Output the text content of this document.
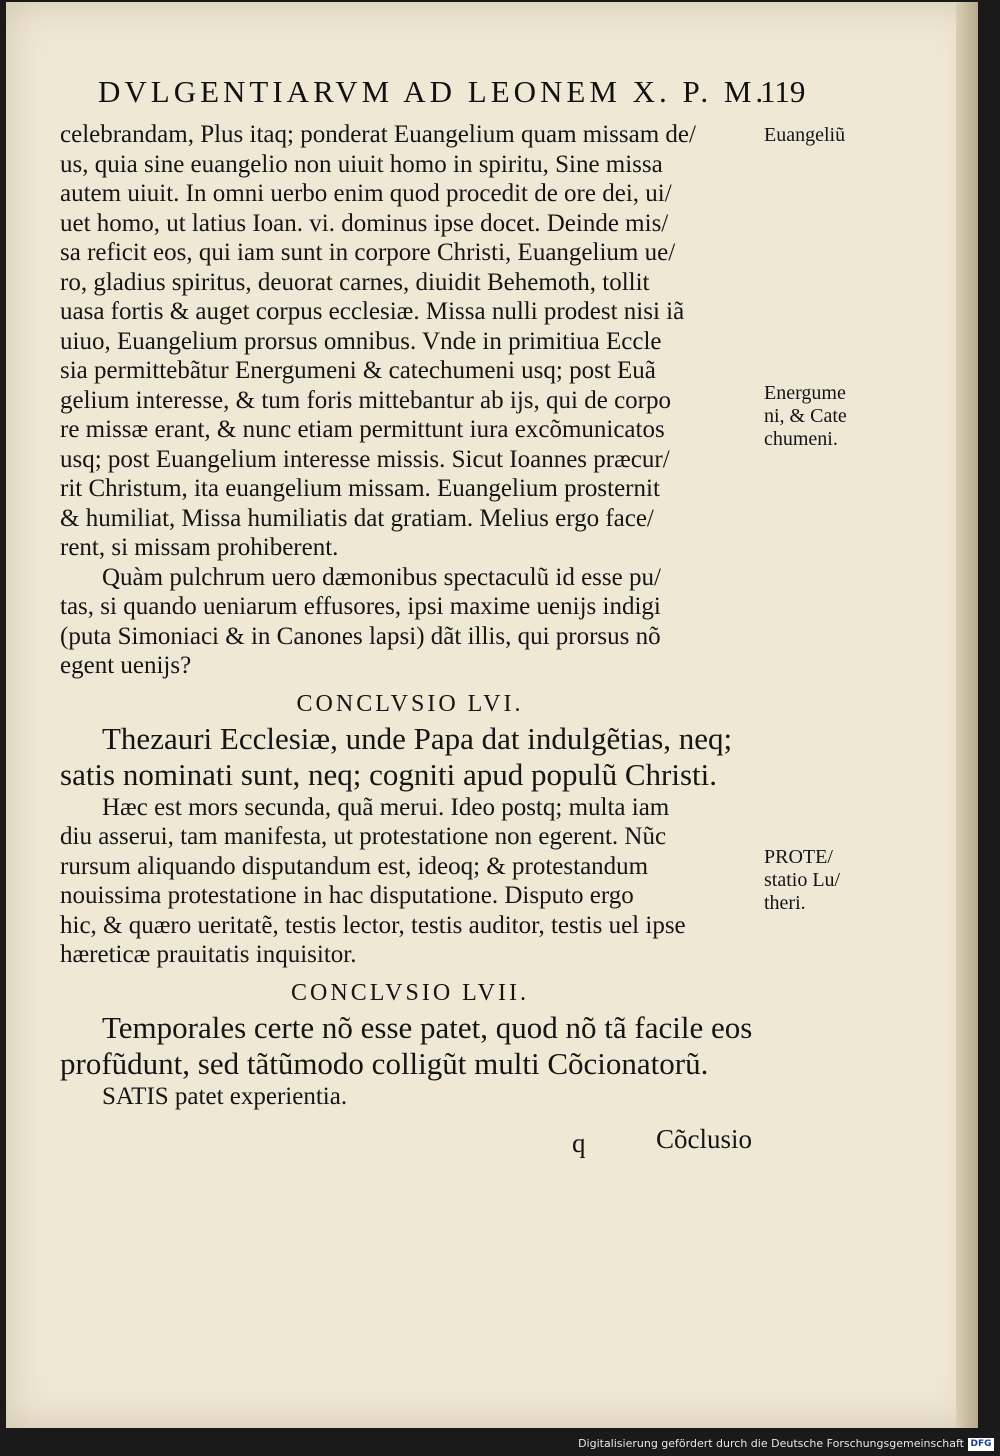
DVLGENTIARVM AD LEONEM X. P. M.
119
celebrandam, Plus itaq; ponderat Euangelium quam missam de/
us, quia sine euangelio non uiuit homo in spiritu, Sine missa
autem uiuit. In omni uerbo enim quod procedit de ore dei, ui/
uet homo, ut latius Ioan. vi. dominus ipse docet. Deinde mis/
sa reficit eos, qui iam sunt in corpore Christi, Euangelium ue/
ro, gladius spiritus, deuorat carnes, diuidit Behemoth, tollit
uasa fortis & auget corpus ecclesiæ. Missa nulli prodest nisi iã
uiuo, Euangelium prorsus omnibus. Vnde in primitiua Eccle
sia permittebãtur Energumeni & catechumeni usq; post Euã
gelium interesse, & tum foris mittebantur ab ijs, qui de corpo
re missæ erant, & nunc etiam permittunt iura excõmunicatos
usq; post Euangelium interesse missis. Sicut Ioannes præcur/
rit Christum, ita euangelium missam. Euangelium prosternit
& humiliat, Missa humiliatis dat gratiam. Melius ergo face/
rent, si missam prohiberent.
Quàm pulchrum uero dæmonibus spectaculũ id esse pu/
tas, si quando ueniarum effusores, ipsi maxime uenijs indigi
(puta Simoniaci & in Canones lapsi) dãt illis, qui prorsus nõ
egent uenijs?
CONCLVSIO LVI.
Thezauri Ecclesiæ, unde Papa dat indulgẽtias, neq;
satis nominati sunt, neq; cogniti apud populũ Christi.
Hæc est mors secunda, quã merui. Ideo postq; multa iam
diu asserui, tam manifesta, ut protestatione non egerent. Nũc
rursum aliquando disputandum est, ideoq; & protestandum
nouissima protestatione in hac disputatione. Disputo ergo
hic, & quæro ueritatẽ, testis lector, testis auditor, testis uel ipse
hæreticæ prauitatis inquisitor.
CONCLVSIO LVII.
Temporales certe nõ esse patet, quod nõ tã facile eos
profũdunt, sed tãtũmodo colligũt multi Cõcionatorũ.
SATIS patet experientia.
Euangeliũ
Energume
ni, & Cate
chumeni.
PROTE/
statio Lu/
theri.
q	Cõclusio
Digitalisierung gefördert durch die Deutsche Forschungsgemeinschaft DFG
